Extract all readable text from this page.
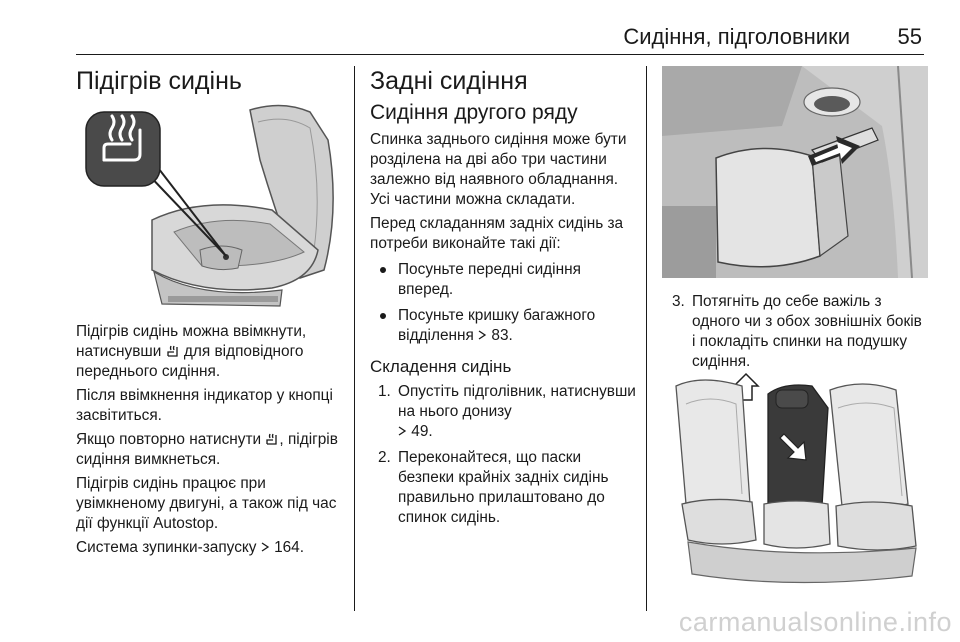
Сидіння, підголовники 55
Підігрів сидінь

Підігрів сидінь можна ввімкнути, натиснувши  для відповідного переднього сидіння.

Після ввімкнення індикатор у кнопці засвітиться.

Якщо повторно натиснути , підігрів сидіння вимкнеться.

Підігрів сидінь працює при увімкненому двигуні, а також під час дії функції Autostop.

Система зупинки-запуску  164.

Задні сидіння
Сидіння другого ряду

Спинка заднього сидіння може бути розділена на дві або три частини залежно від наявного обладнання. Усі частини можна складати.

Перед складанням задніх сидінь за потреби виконайте такі дії:

Посуньте передні сидіння вперед.
Посуньте кришку багажного відділення 83.
Складення сидінь
1. Опустіть підголівник, натиснувши на нього донизу
49.
2. Переконайтеся, що паски безпеки крайніх задніх сидінь правильно прилаштовано до спинок сидінь.
3. Потягніть до себе важіль з одного чи з обох зовнішніх боків і покладіть спинки на подушку сидіння.
carmanualsonline.info
